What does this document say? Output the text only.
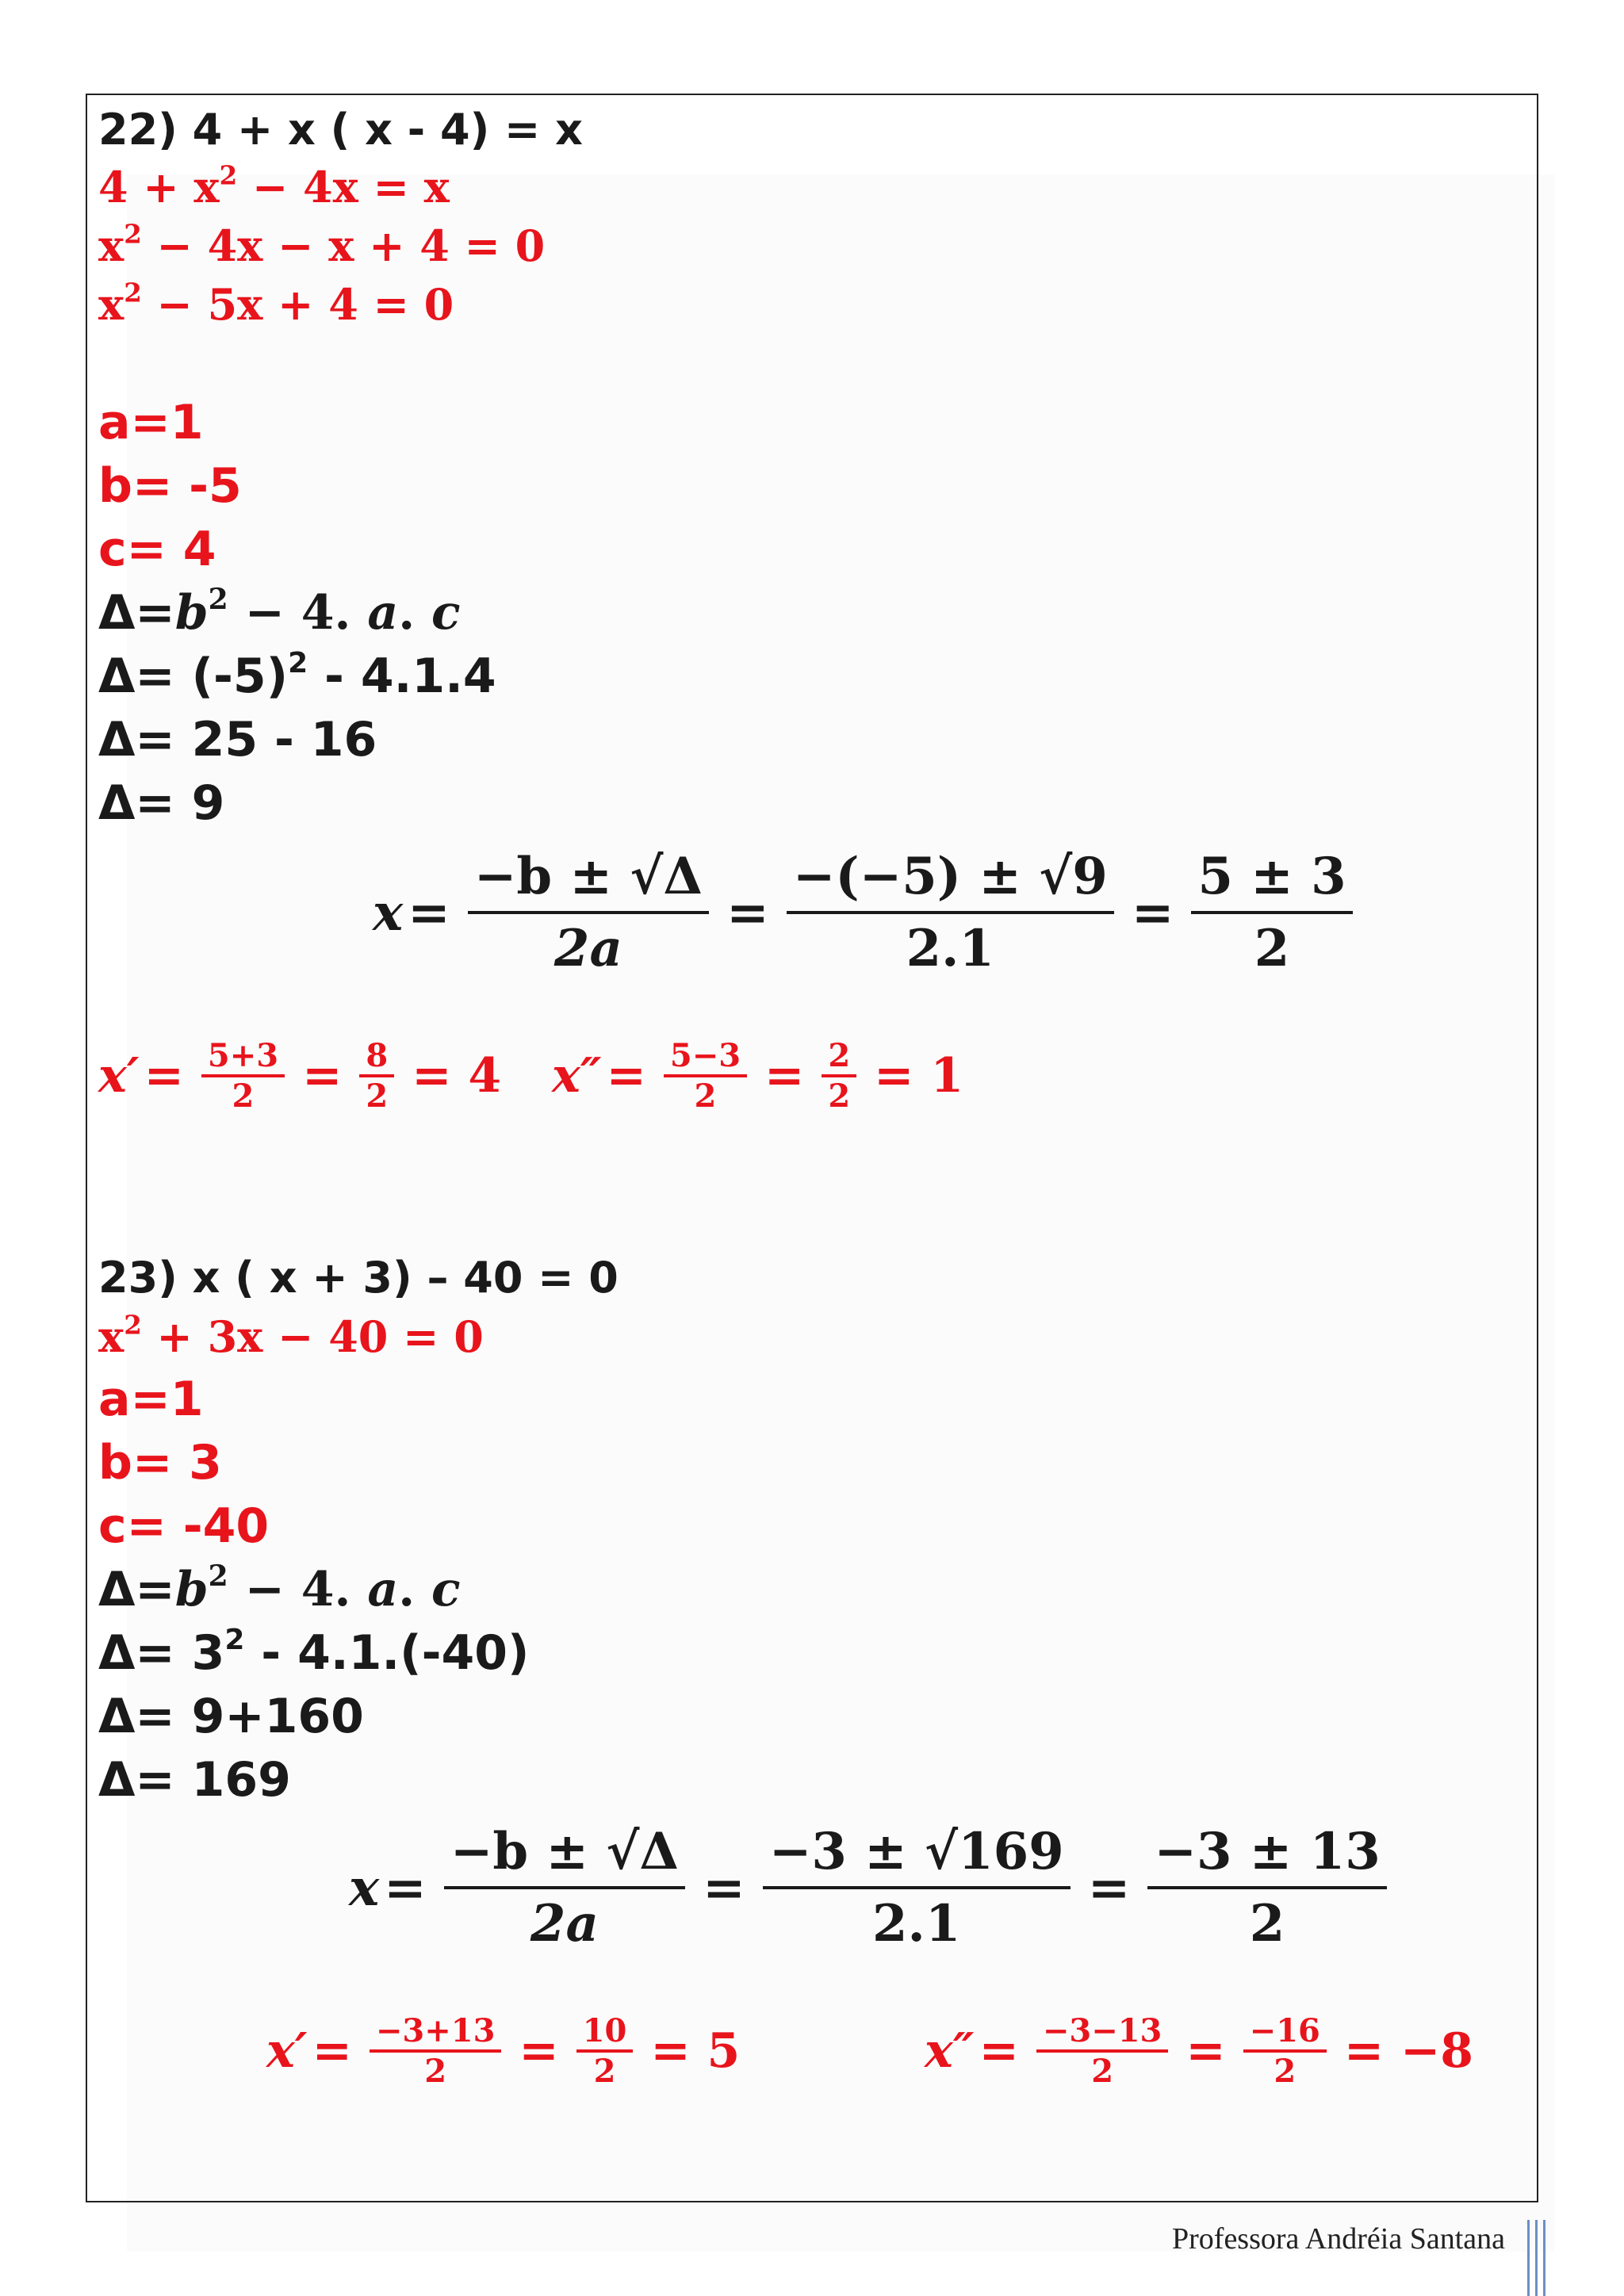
22) 4 + x ( x - 4) = x
$4 + x^2 - 4x = x$
$x^2 - 4x - x + 4 = 0$
$x^2 - 5x + 4 = 0$
a=1
b= -5
c= 4
$\Delta=b^2 - 4$. a. c
$\Delta= (-5)^2 - 4.1.4$
Δ= 25 - 16
Δ= 9
$x = \frac{-b \pm √\Delta}{2a} = \frac{-(-5) \pm √9}{2.1} = \frac{5 \pm 3}{2}$
$x' = \frac{5+3}{2} = \frac{8}{2} = 4$ $x'' = \frac{5-3}{2} = \frac{2}{2} = 1$
23) x ( x + 3) – 40 = 0
$x^2 + 3x - 40 = 0$
a=1
b= 3
c= -40
$\Delta=b^2 - 4$. a. c
$\Delta= 3^2 - 4.1.(-40)$
Δ= 9+160
Δ= 169
$x = \frac{-b \pm √\Delta}{2a} = \frac{-3 \pm √169}{2.1} = \frac{-3 \pm 13}{2}$
$x' = \frac{-3+13}{2} = \frac{10}{2} = 5$	$x'' = \frac{-3-13}{2} = \frac{-16}{2} = -8$
Professora Andréia Santana
